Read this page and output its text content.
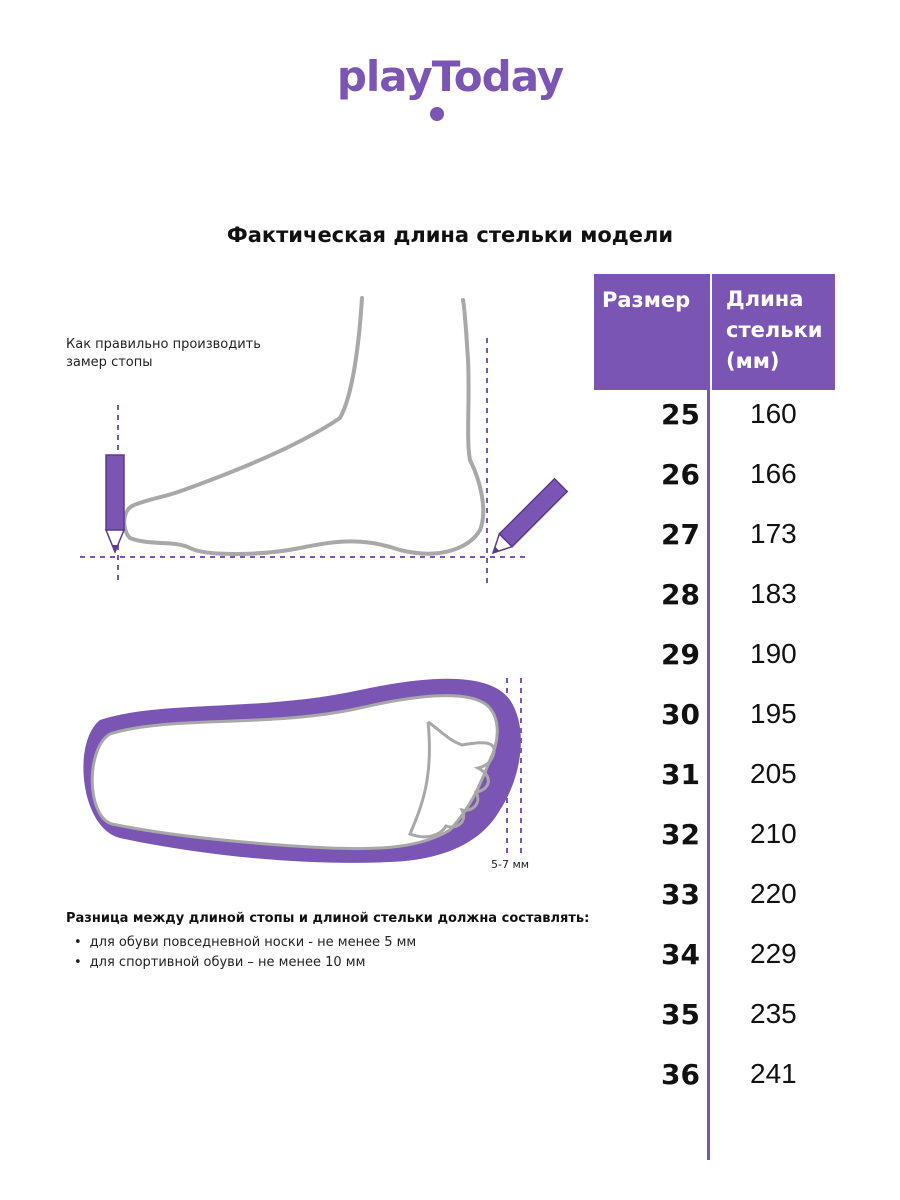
playToday
Фактическая длина стельки модели
Размер	Длина стельки (мм)
25 160
26 166
27 173
28 183
29 190
30 195
31 205
32 210
33 220
34 229
35 235
36 241
Как правильно производить замер стопы
5-7 мм
Разница между длиной стопы и длиной стельки должна составлять:
• для обуви повседневной носки - не менее 5 мм
• для спортивной обуви – не менее 10 мм
